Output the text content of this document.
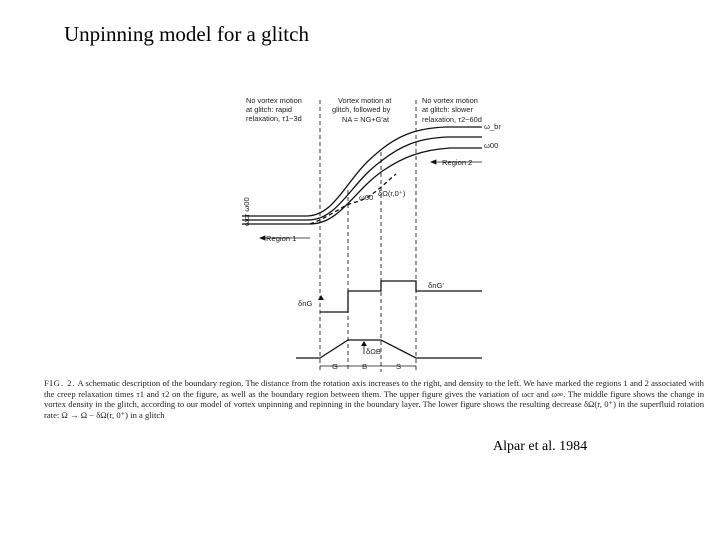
Unpinning model for a glitch
No vortex motion
at glitch: rapid
relaxation, τ1~3d
Vortex motion at
glitch, followed by
NA = NG+G'at
No vortex motion
at glitch: slower
relaxation, τ2~60d
ω_br
ω00
ω00 δΩ(r,0⁺)
ωcr ω00
Region 1
Region 2
δnG'
δnG
δΩB
G	B	S
FIG. 2. A schematic description of the boundary region. The distance from the rotation axis increases to the right, and density to the left. We have marked the regions 1 and 2 associated with the creep relaxation times τ1 and τ2 on the figure, as well as the boundary region between them. The upper figure gives the variation of ωcr and ω∞. The middle figure shows the change in vortex density in the glitch, according to our model of vortex unpinning and repinning in the boundary layer. The lower figure shows the resulting decrease δΩ(r, 0⁺) in the superfluid rotation rate: Ω → Ω − δΩ(r, 0⁺) in a glitch
Alpar et al. 1984
